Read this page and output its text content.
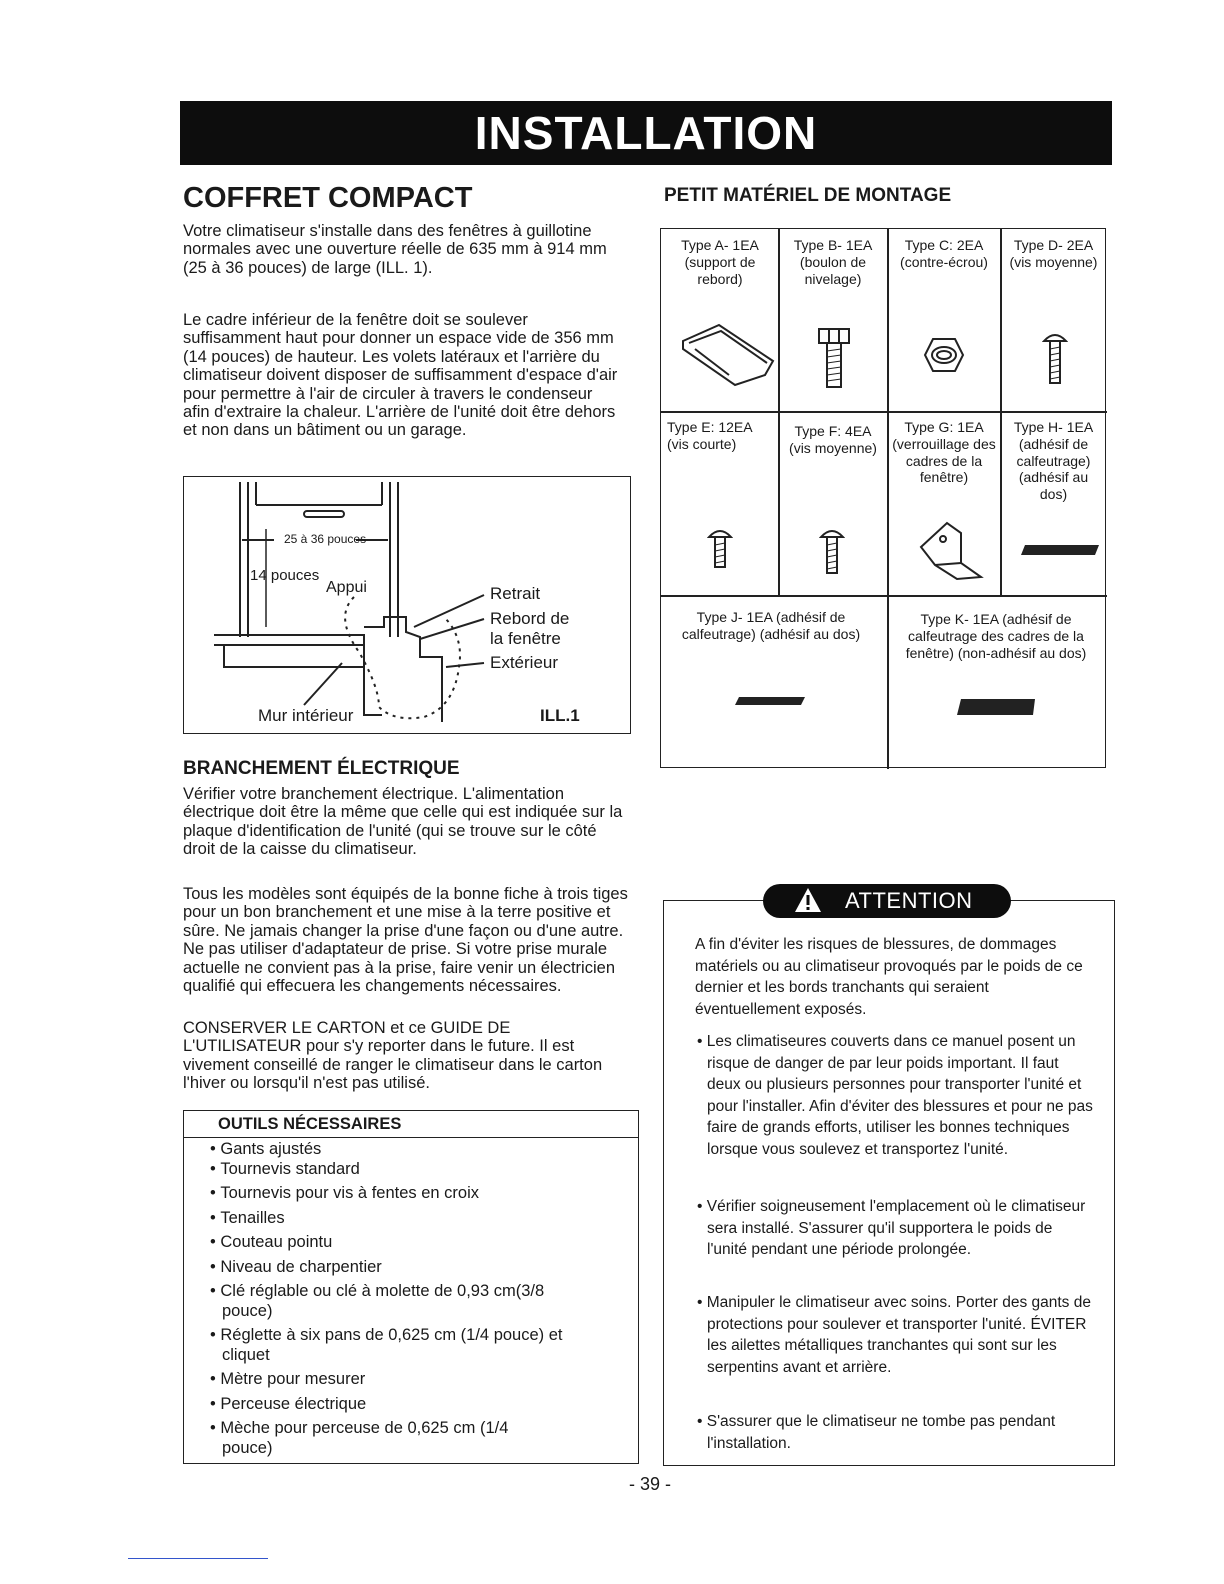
INSTALLATION
COFFRET COMPACT

Votre climatiseur s'installe dans des fenêtres à guillotine normales avec une ouverture réelle de 635 mm à 914 mm (25 à 36 pouces) de large (ILL. 1).

Le cadre inférieur de la fenêtre doit se soulever suffisamment haut pour donner un espace vide de 356 mm (14 pouces) de hauteur. Les volets latéraux et l'arrière du climatiseur doivent disposer de suffisamment d'espace d'air pour permettre à l'air de circuler à travers le condenseur afin d'extraire la chaleur. L'arrière de l'unité doit être dehors et non dans un bâtiment ou un garage.

25 à 36 pouces
14 pouces
Appui	Retrait
Rebord de
la fenêtre
Extérieur
Mur intérieur	ILL.1
BRANCHEMENT ÉLECTRIQUE

Vérifier votre branchement électrique. L'alimentation électrique doit être la même que celle qui est indiquée sur la plaque d'identification de l'unité (qui se trouve sur le côté droit de la caisse du climatiseur.

Tous les modèles sont équipés de la bonne fiche à trois tiges pour un bon branchement et une mise à la terre positive et sûre. Ne jamais changer la prise d'une façon ou d'une autre. Ne pas utiliser d'adaptateur de prise. Si votre prise murale actuelle ne convient pas à la prise, faire venir un électricien qualifié qui effecuera les changements nécessaires.

CONSERVER LE CARTON et ce GUIDE DE L'UTILISATEUR pour s'y reporter dans le future. Il est vivement conseillé de ranger le climatiseur dans le carton l'hiver ou lorsqu'il n'est pas utilisé.

OUTILS NÉCESSAIRES
• Gants ajustés
• Tournevis standard
• Tournevis pour vis à fentes en croix
• Tenailles
• Couteau pointu
• Niveau de charpentier
• Clé réglable ou clé à molette de 0,93 cm(3/8 pouce)
• Réglette à six pans de 0,625 cm (1/4 pouce) et cliquet
• Mètre pour mesurer
• Perceuse électrique
• Mèche pour perceuse de 0,625 cm (1/4 pouce)
PETIT MATÉRIEL DE MONTAGE
Type A- 1EA (support de rebord)
Type B- 1EA (boulon de nivelage)
Type C: 2EA (contre-écrou)
Type D- 2EA (vis moyenne)
Type E: 12EA (vis courte)
Type F: 4EA (vis moyenne)
Type G: 1EA (verrouillage des cadres de la fenêtre)
Type H- 1EA (adhésif de calfeutrage) (adhésif au dos)
Type J- 1EA (adhésif de calfeutrage) (adhésif au dos)
Type K- 1EA (adhésif de calfeutrage des cadres de la fenêtre) (non-adhésif au dos)
ATTENTION
A fin d'éviter les risques de blessures, de dommages matériels ou au climatiseur provoqués par le poids de ce dernier et les bords tranchants qui seraient éventuellement exposés.
• Les climatiseures couverts dans ce manuel posent un risque de danger de par leur poids important. Il faut deux ou plusieurs personnes pour transporter l'unité et pour l'installer. Afin d'éviter des blessures et pour ne pas faire de grands efforts, utiliser les bonnes techniques lorsque vous soulevez et transportez l'unité.
• Vérifier soigneusement l'emplacement où le climatiseur sera installé. S'assurer qu'il supportera le poids de l'unité pendant une période prolongée.
• Manipuler le climatiseur avec soins. Porter des gants de protections pour soulever et transporter l'unité. ÉVITER les ailettes métalliques tranchantes qui sont sur les serpentins avant et arrière.
• S'assurer que le climatiseur ne tombe pas pendant l'installation.
- 39 -
